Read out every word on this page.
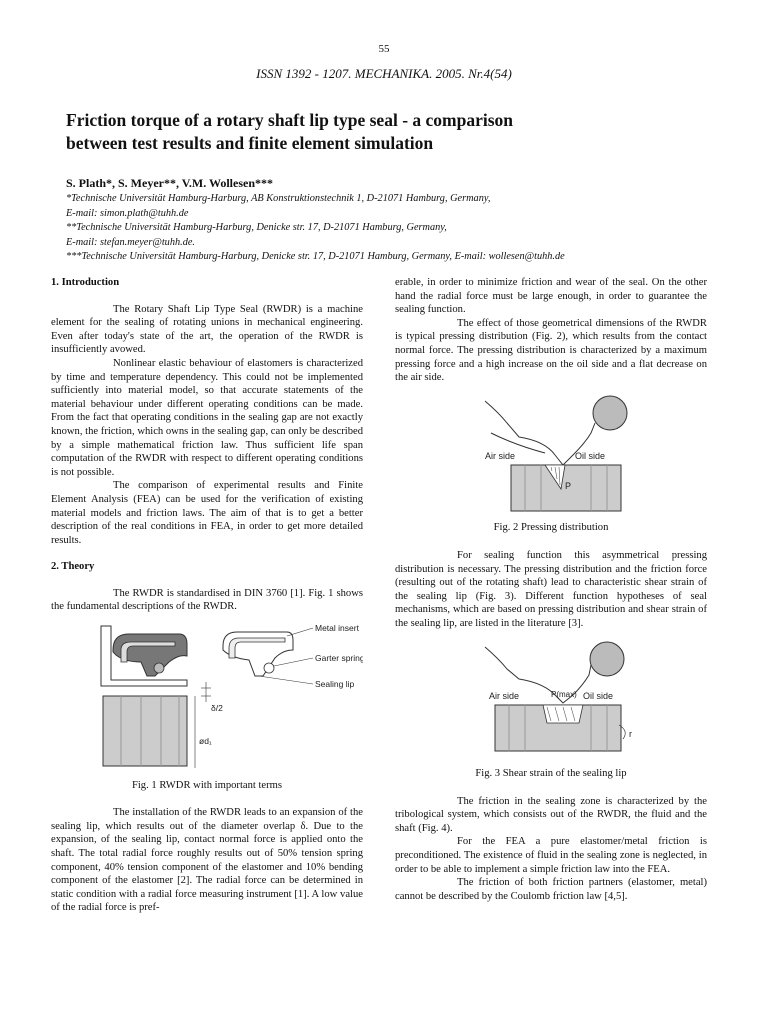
55
ISSN 1392 - 1207. MECHANIKA. 2005. Nr.4(54)
Friction torque of a rotary shaft lip type seal - a comparison
between test results and finite element simulation
S. Plath*, S. Meyer**, V.M. Wollesen***
*Technische Universität Hamburg-Harburg, AB Konstruktionstechnik 1, D-21071 Hamburg, Germany,
E-mail: simon.plath@tuhh.de
**Technische Universität Hamburg-Harburg, Denicke str. 17, D-21071 Hamburg, Germany,
E-mail: stefan.meyer@tuhh.de.
***Technische Universität Hamburg-Harburg, Denicke str. 17, D-21071 Hamburg, Germany, E-mail: wollesen@tuhh.de
1. Introduction

The Rotary Shaft Lip Type Seal (RWDR) is a machine element for the sealing of rotating unions in mechanical engineering. Even after today's state of the art, the operation of the RWDR is insufficiently avowed.

Nonlinear elastic behaviour of elastomers is characterized by time and temperature dependency. This could not be implemented sufficiently into material model, so that accurate statements of the material behaviour under different operating conditions can be made. From the fact that operating conditions in the sealing gap are not exactly known, the friction, which owns in the sealing gap, can only be described by a simple mathematical friction law. Thus sufficient life span computation of the RWDR with respect to different operating conditions is not possible.

The comparison of experimental results and Finite Element Analysis (FEA) can be used for the verification of existing material models and friction laws. The aim of that is to get a better description of the real conditions in FEA, in order to get more detailed results.

2. Theory

The RWDR is standardised in DIN 3760 [1]. Fig. 1 shows the fundamental descriptions of the RWDR.

Metal insert
Garter spring
Sealing lip
δ/2
ød₁
Fig. 1 RWDR with important terms

The installation of the RWDR leads to an expansion of the sealing lip, which results out of the diameter overlap δ. Due to the expansion, of the sealing lip, contact normal force is applied onto the shaft. The total radial force roughly results out of 50% tension spring component, 40% tension component of the elastomer and 10% bending component of the elastomer [2]. The radial force can be determined in static condition with a radial force measuring instrument [1]. A low value of the radial force is pref-

erable, in order to minimize friction and wear of the seal. On the other hand the radial force must be large enough, in order to guarantee the sealing function.

The effect of those geometrical dimensions of the RWDR is typical pressing distribution (Fig. 2), which results from the contact normal force. The pressing distribution is characterized by a maximum pressing force and a high increase on the oil side and a flat decrease on the air side.

Air side	Oil side
P
Fig. 2 Pressing distribution

For sealing function this asymmetrical pressing distribution is necessary. The pressing distribution and the friction force (resulting out of the rotating shaft) lead to characteristic shear strain of the sealing lip (Fig. 3). Different function hypotheses of seal mechanisms, which are based on pressing distribution and shear strain of the sealing lip, are listed in the literature [3].

Air side	P(max) Oil side
r
Fig. 3 Shear strain of the sealing lip

The friction in the sealing zone is characterized by the tribological system, which consists out of the RWDR, the fluid and the shaft (Fig. 4).

For the FEA a pure elastomer/metal friction is preconditioned. The existence of fluid in the sealing zone is neglected, in order to be able to implement a simple friction law into the FEA.

The friction of both friction partners (elastomer, metal) cannot be described by the Coulomb friction law [4,5].
